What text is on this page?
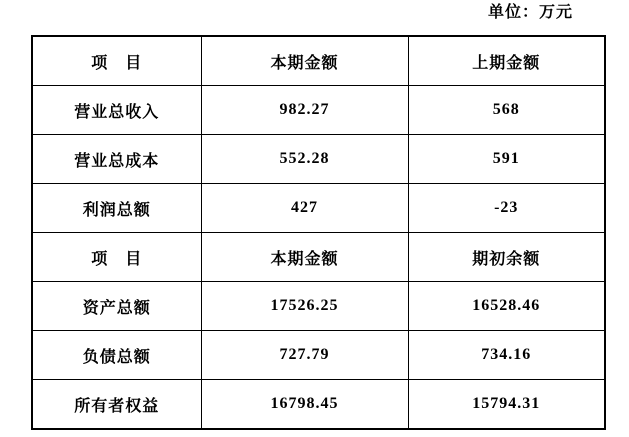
单位：万元
项　目	本期金额	上期金额
营业总收入	982.27	568
营业总成本	552.28	591
利润总额	427	-23
项　目	本期金额	期初余额
资产总额	17526.25	16528.46
负债总额	727.79	734.16
所有者权益	16798.45	15794.31
